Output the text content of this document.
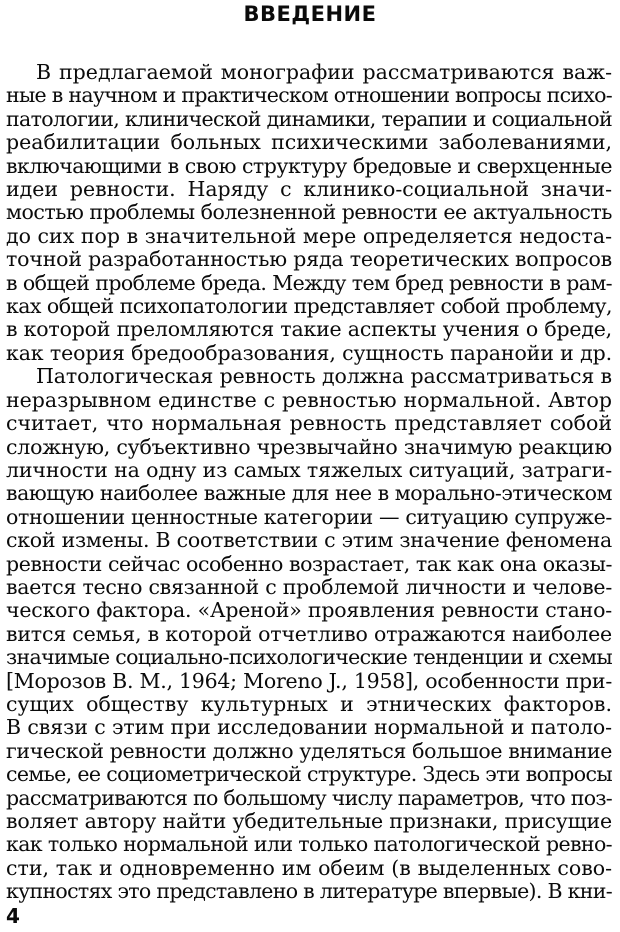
ВВЕДЕНИЕ
В предлагаемой монографии рассматриваются важ-
ные в научном и практическом отношении вопросы психо-
патологии, клинической динамики, терапии и социальной
реабилитации больных психическими заболеваниями,
включающими в свою структуру бредовые и сверхценные
идеи ревности. Наряду с клинико-социальной значи-
мостью проблемы болезненной ревности ее актуальность
до сих пор в значительной мере определяется недоста-
точной разработанностью ряда теоретических вопросов
в общей проблеме бреда. Между тем бред ревности в рам-
ках общей психопатологии представляет собой проблему,
в которой преломляются такие аспекты учения о бреде,
как теория бредообразования, сущность паранойи и др.
Патологическая ревность должна рассматриваться в
неразрывном единстве с ревностью нормальной. Автор
считает, что нормальная ревность представляет собой
сложную, субъективно чрезвычайно значимую реакцию
личности на одну из самых тяжелых ситуаций, затраги-
вающую наиболее важные для нее в морально-этическом
отношении ценностные категории — ситуацию супруже-
ской измены. В соответствии с этим значение феномена
ревности сейчас особенно возрастает, так как она оказы-
вается тесно связанной с проблемой личности и челове-
ческого фактора. «Ареной» проявления ревности стано-
вится семья, в которой отчетливо отражаются наиболее
значимые социально-психологические тенденции и схемы
[Морозов В. М., 1964; Moreno J., 1958], особенности при-
сущих обществу культурных и этнических факторов.
В связи с этим при исследовании нормальной и патоло-
гической ревности должно уделяться большое внимание
семье, ее социометрической структуре. Здесь эти вопросы
рассматриваются по большому числу параметров, что поз-
воляет автору найти убедительные признаки, присущие
как только нормальной или только патологической ревно-
сти, так и одновременно им обеим (в выделенных сово-
купностях это представлено в литературе впервые). В кни-
4
